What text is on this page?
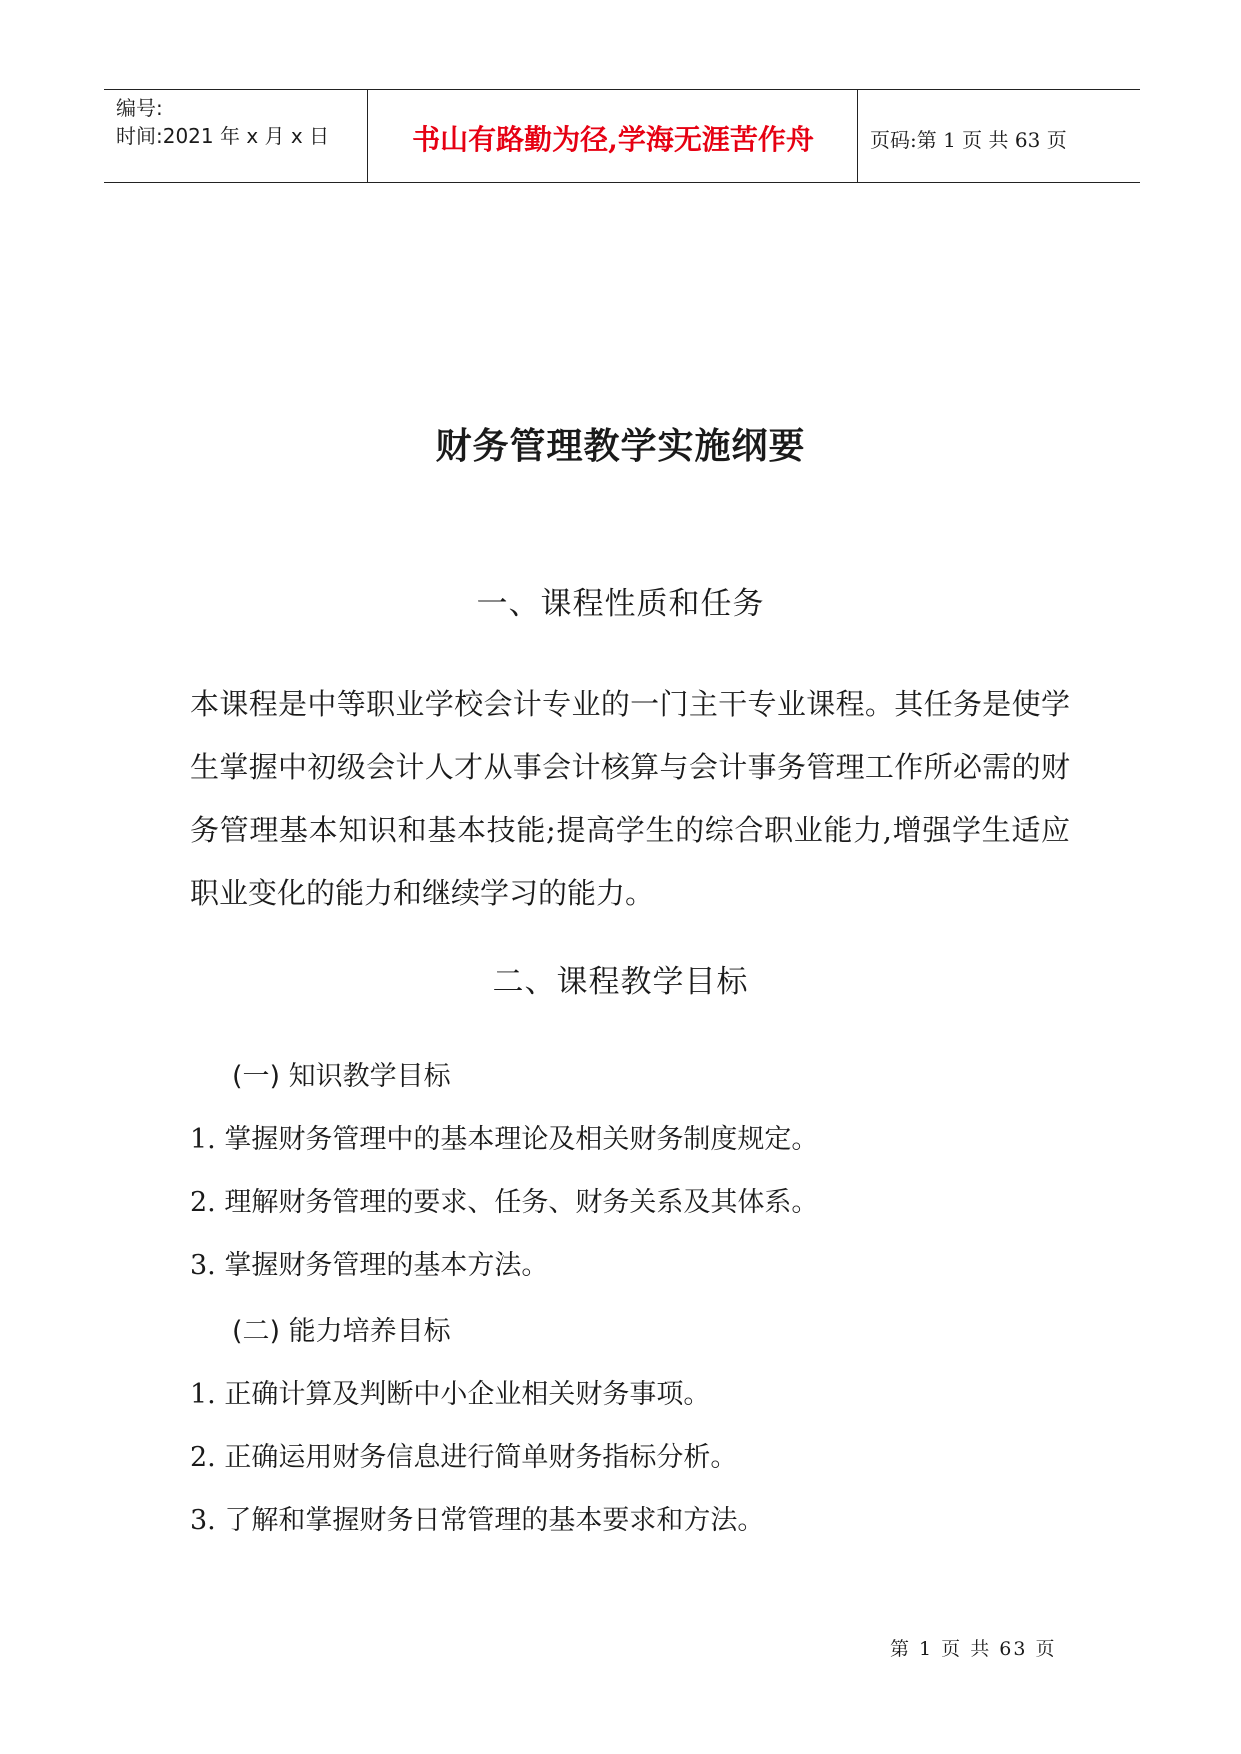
编号:
时间:2021 年 x 月 x 日	书山有路勤为径,学海无涯苦作舟	页码:第 1 页 共 63 页
财务管理教学实施纲要
一、课程性质和任务

本课程是中等职业学校会计专业的一门主干专业课程。其任务是使学生掌握中初级会计人才从事会计核算与会计事务管理工作所必需的财务管理基本知识和基本技能;提高学生的综合职业能力,增强学生适应职业变化的能力和继续学习的能力。

二、课程教学目标
(一) 知识教学目标
1. 掌握财务管理中的基本理论及相关财务制度规定。
2. 理解财务管理的要求、任务、财务关系及其体系。
3. 掌握财务管理的基本方法。
(二) 能力培养目标
1. 正确计算及判断中小企业相关财务事项。
2. 正确运用财务信息进行简单财务指标分析。
3. 了解和掌握财务日常管理的基本要求和方法。
第 1 页 共 63 页
